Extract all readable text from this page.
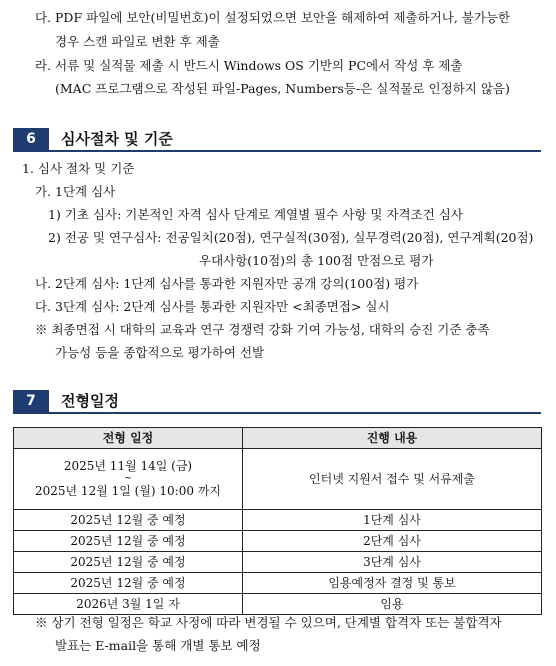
다. PDF 파일에 보안(비밀번호)이 설정되었으면 보안을 해제하여 제출하거나, 불가능한
경우 스캔 파일로 변환 후 제출
라. 서류 및 실적물 제출 시 반드시 Windows OS 기반의 PC에서 작성 후 제출
(MAC 프로그램으로 작성된 파일-Pages, Numbers등-은 실적물로 인정하지 않음)
6	심사절차 및 기준
1. 심사 절차 및 기준
가. 1단계 심사
1) 기초 심사: 기본적인 자격 심사 단계로 계열별 필수 사항 및 자격조건 심사
2) 전공 및 연구심사: 전공일치(20점), 연구실적(30점), 실무경력(20점), 연구계획(20점)
우대사항(10점)의 총 100점 만점으로 평가
나. 2단계 심사: 1단계 심사를 통과한 지원자만 공개 강의(100점) 평가
다. 3단계 심사: 2단계 심사를 통과한 지원자만 <최종면접> 실시
※ 최종면접 시 대학의 교육과 연구 경쟁력 강화 기여 가능성, 대학의 승진 기준 충족
가능성 등을 종합적으로 평가하여 선발
7	전형일정
전형 일정	진행 내용
2025년 11월 14일 (금)
~
2025년 12월 1일 (월) 10:00 까지	인터넷 지원서 접수 및 서류제출
2025년 12월 중 예정	1단계 심사
2025년 12월 중 예정	2단계 심사
2025년 12월 중 예정	3단계 심사
2025년 12월 중 예정	임용예정자 결정 및 통보
2026년 3월 1일 자	임용
※ 상기 전형 일정은 학교 사정에 따라 변경될 수 있으며, 단계별 합격자 또는 불합격자
발표는 E-mail을 통해 개별 통보 예정
